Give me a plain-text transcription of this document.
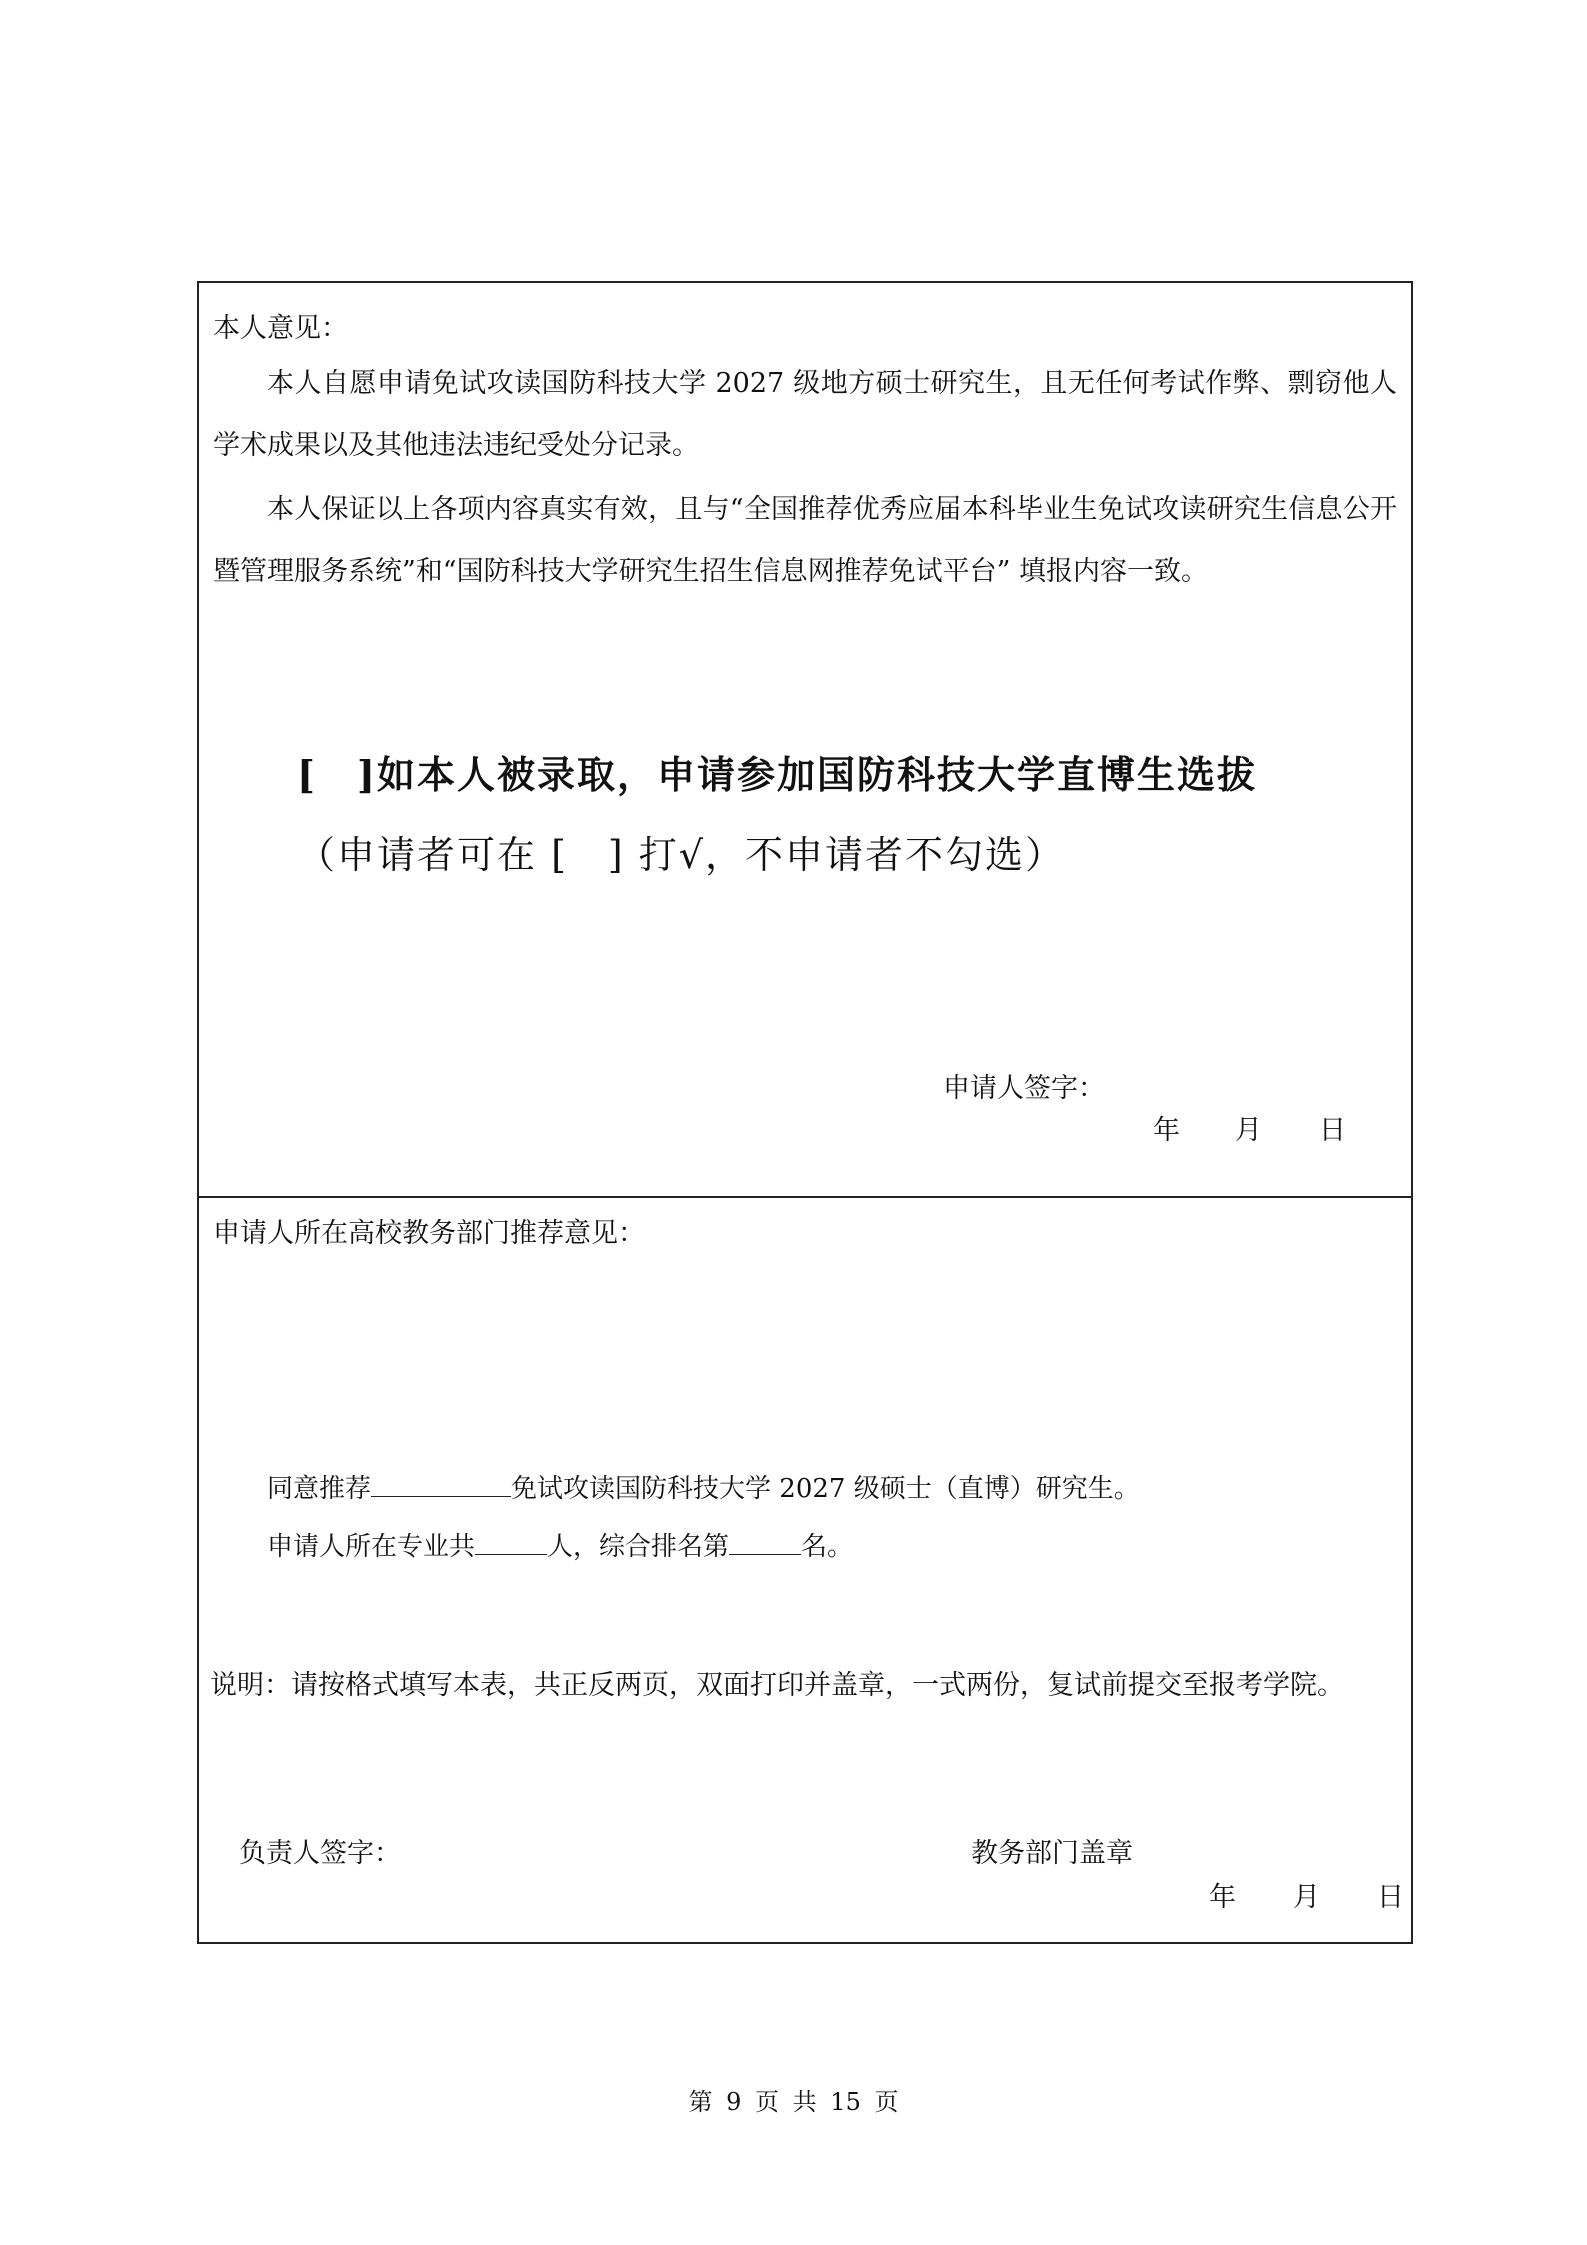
本人意见：
本人自愿申请免试攻读国防科技大学 2027 级地方硕士研究生，且无任何考试作弊、剽窃他人学术成果以及其他违法违纪受处分记录。
本人保证以上各项内容真实有效，且与“全国推荐优秀应届本科毕业生免试攻读研究生信息公开暨管理服务系统”和“国防科技大学研究生招生信息网推荐免试平台” 填报内容一致。
[　]如本人被录取，申请参加国防科技大学直博生选拔
（申请者可在 [　] 打√，不申请者不勾选）
申请人签字：
年 月 日
申请人所在高校教务部门推荐意见：
同意推荐	免试攻读国防科技大学 2027 级硕士（直博）研究生。
申请人所在专业共	人，综合排名第	名。
负责人签字：	教务部门盖章
年 月 日
说明：请按格式填写本表，共正反两页，双面打印并盖章，一式两份，复试前提交至报考学院。
第 9 页 共 15 页
